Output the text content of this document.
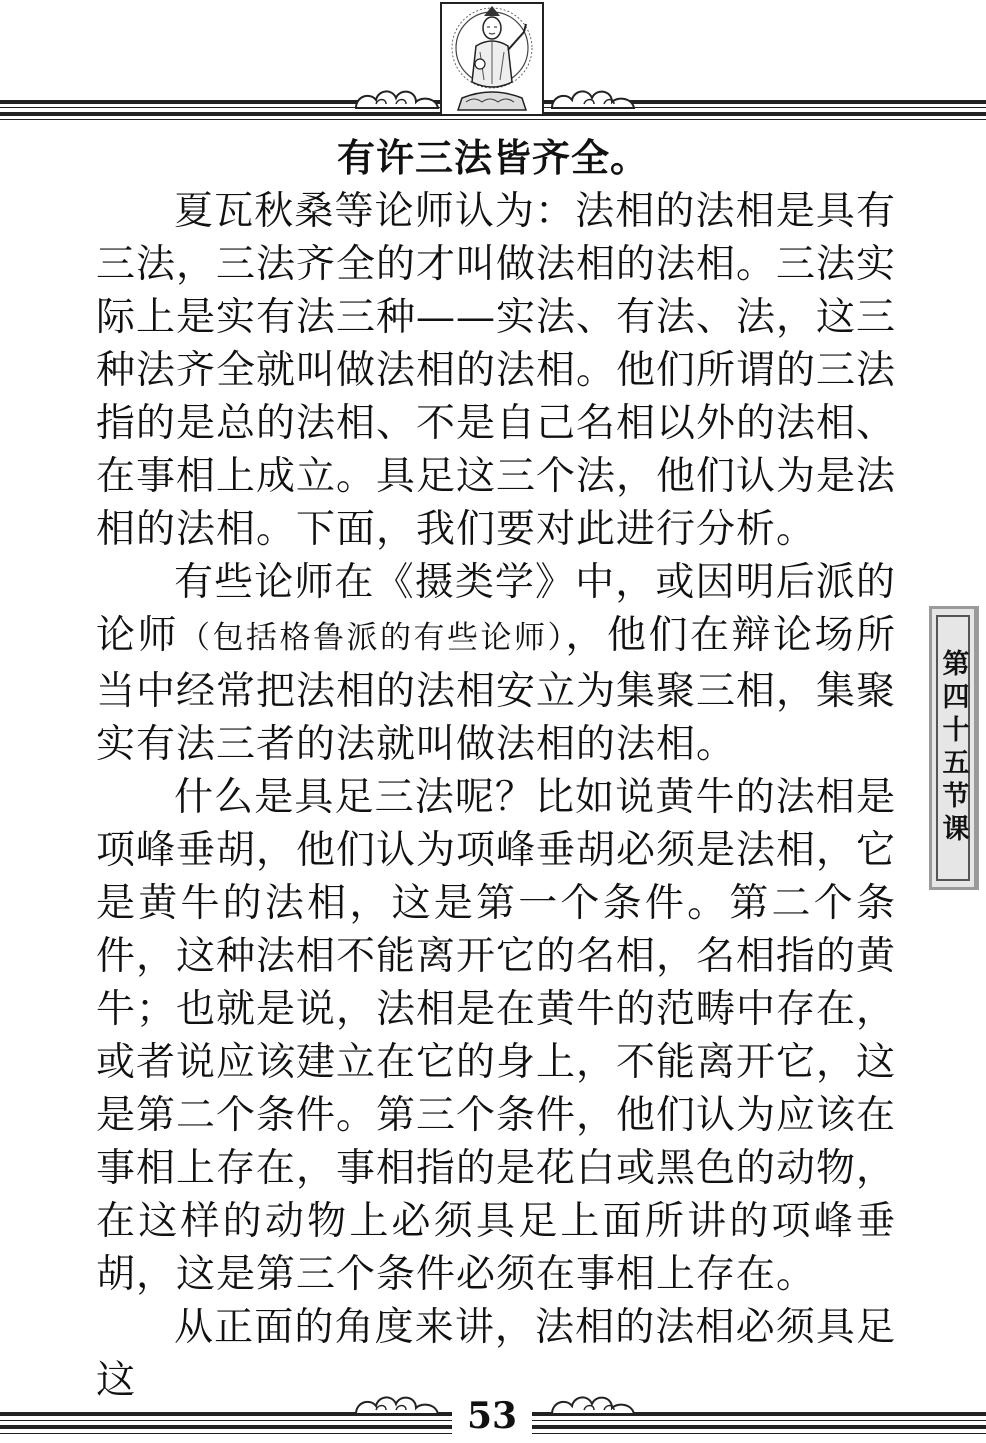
有许三法皆齐全。

夏瓦秋桑等论师认为：法相的法相是具有三法，三法齐全的才叫做法相的法相。三法实际上是实有法三种——实法、有法、法，这三种法齐全就叫做法相的法相。他们所谓的三法指的是总的法相、不是自己名相以外的法相、在事相上成立。具足这三个法，他们认为是法相的法相。下面，我们要对此进行分析。

有些论师在《摄类学》中，或因明后派的论师（包括格鲁派的有些论师），他们在辩论场所当中经常把法相的法相安立为集聚三相，集聚实有法三者的法就叫做法相的法相。

什么是具足三法呢？比如说黄牛的法相是项峰垂胡，他们认为项峰垂胡必须是法相，它是黄牛的法相，这是第一个条件。第二个条件，这种法相不能离开它的名相，名相指的黄牛；也就是说，法相是在黄牛的范畴中存在，或者说应该建立在它的身上，不能离开它，这是第二个条件。第三个条件，他们认为应该在事相上存在，事相指的是花白或黑色的动物，在这样的动物上必须具足上面所讲的项峰垂胡，这是第三个条件必须在事相上存在。

从正面的角度来讲，法相的法相必须具足这

第四十五节课
53
